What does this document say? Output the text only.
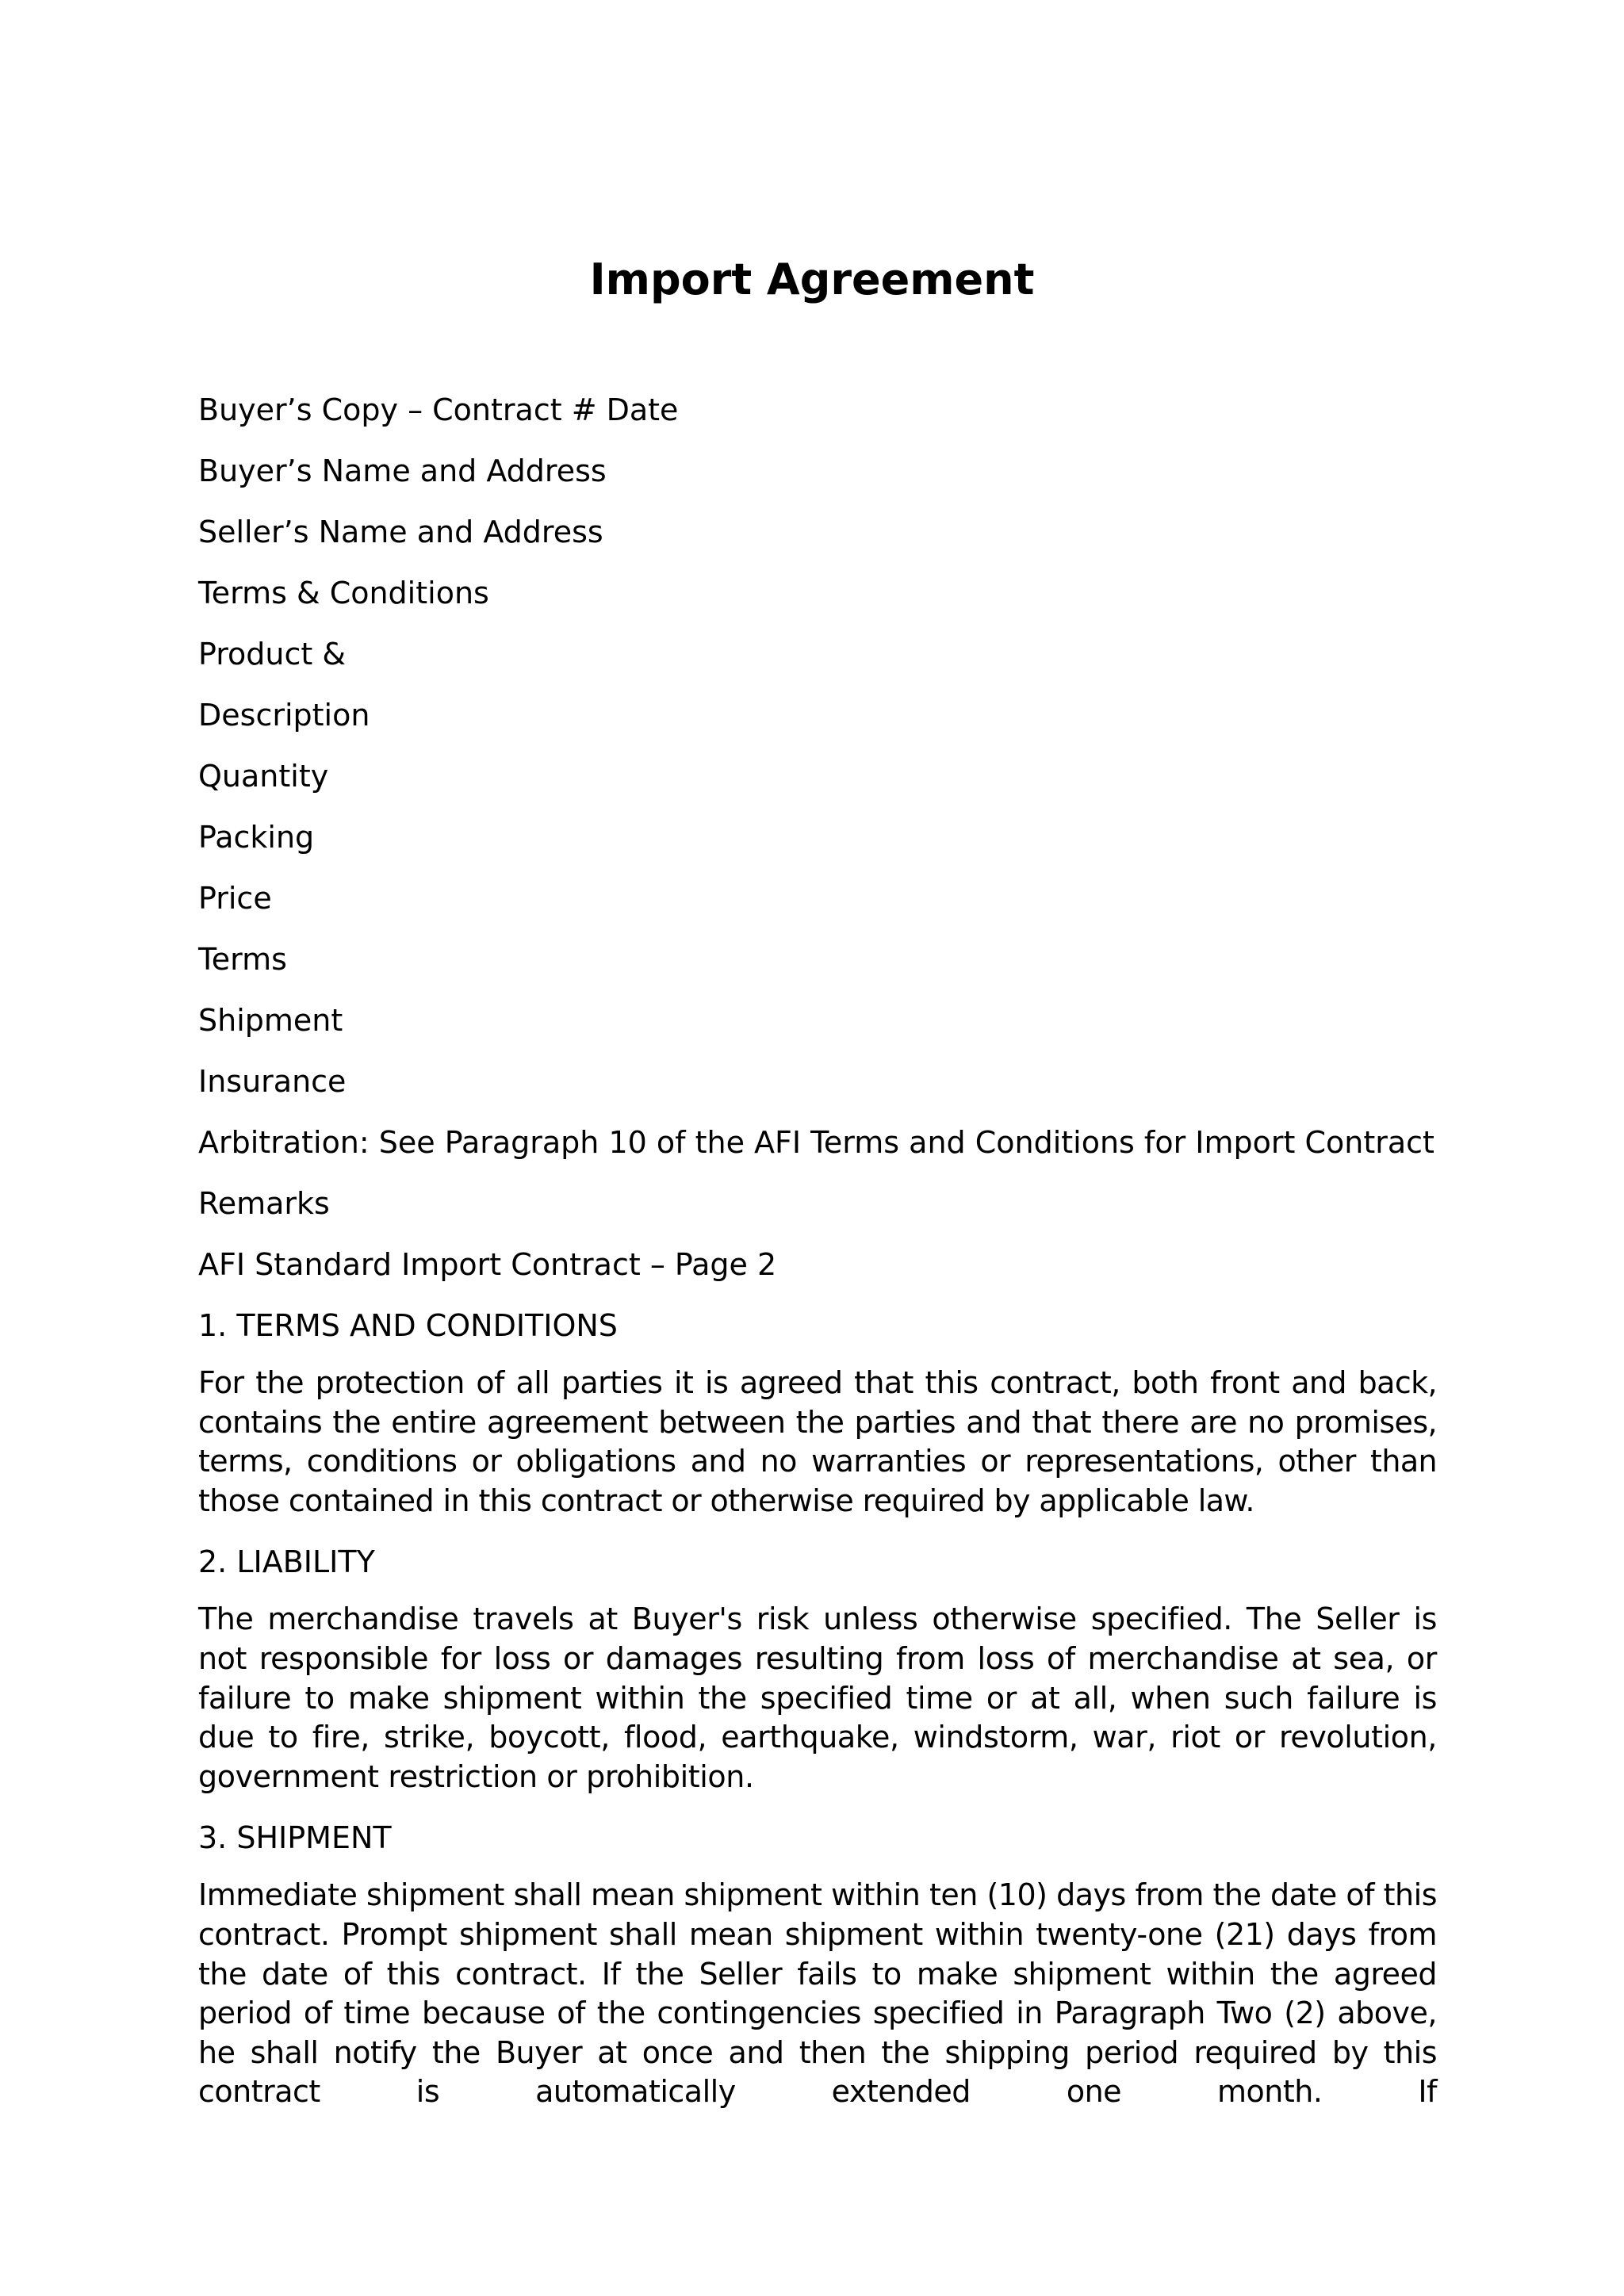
Import Agreement
Buyer’s Copy – Contract # Date
Buyer’s Name and Address
Seller’s Name and Address
Terms & Conditions
Product &
Description
Quantity
Packing
Price
Terms
Shipment
Insurance
Arbitration: See Paragraph 10 of the AFI Terms and Conditions for Import Contract
Remarks
AFI Standard Import Contract – Page 2
1. TERMS AND CONDITIONS

For the protection of all parties it is agreed that this contract, both front and back, contains the entire agreement between the parties and that there are no promises, terms, conditions or obligations and no warranties or representations, other than those contained in this contract or otherwise required by applicable law.

2. LIABILITY

The merchandise travels at Buyer's risk unless otherwise specified. The Seller is not responsible for loss or damages resulting from loss of merchandise at sea, or failure to make shipment within the specified time or at all, when such failure is due to fire, strike, boycott, flood, earthquake, windstorm, war, riot or revolution, government restriction or prohibition.

3. SHIPMENT

Immediate shipment shall mean shipment within ten (10) days from the date of this contract. Prompt shipment shall mean shipment within twenty-one (21) days from the date of this contract. If the Seller fails to make shipment within the agreed period of time because of the contingencies specified in Paragraph Two (2) above, he shall notify the Buyer at once and then the shipping period required by this contract is automatically extended one month. If
